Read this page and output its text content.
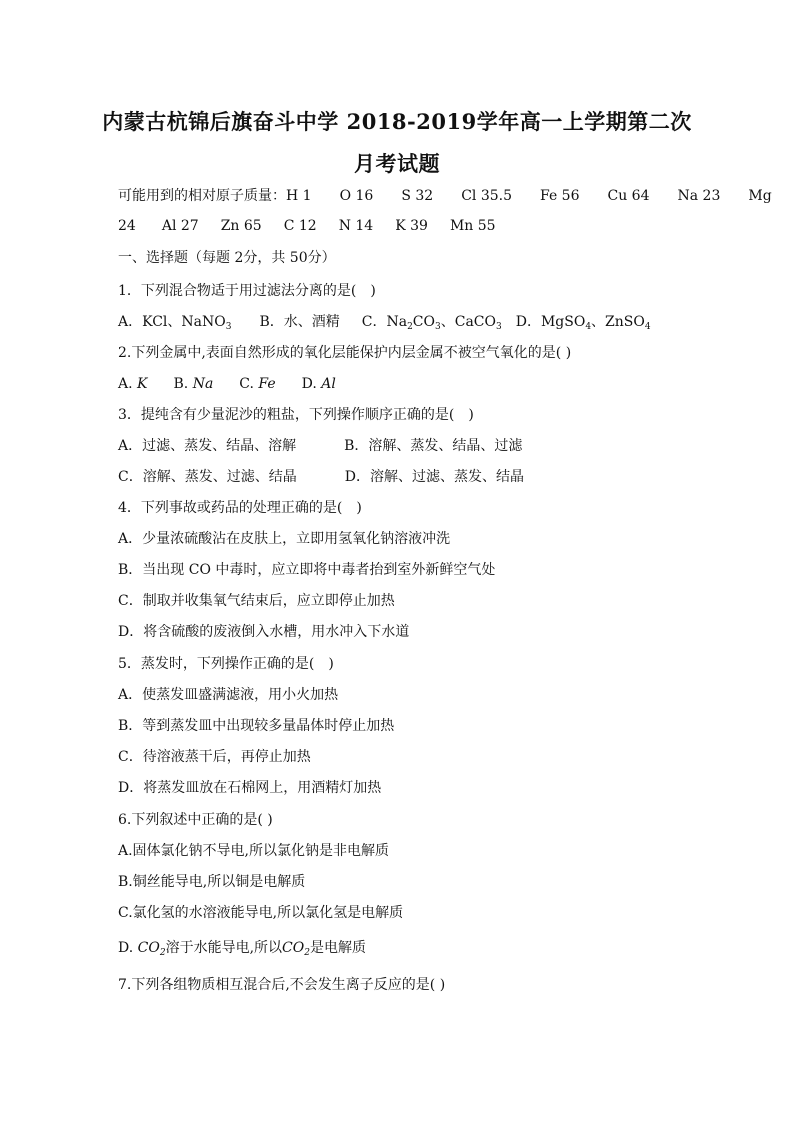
内蒙古杭锦后旗奋斗中学 2018-2019学年高一上学期第二次
月考试题
可能用到的相对原子质量：H 1 O 16 S 32 Cl 35.5 Fe 56 Cu 64 Na 23 Mg
24 Al 27 Zn 65 C 12 N 14 K 39 Mn 55
一、选择题（每题 2分，共 50分）
1．下列混合物适于用过滤法分离的是(　)
A．KCl、NaNO$_3$ B．水、酒精 C．$Na_2CO_3$、CaCO$_3$ D．MgSO$_4$、ZnSO$_4$
2.下列金属中,表面自然形成的氧化层能保护内层金属不被空气氧化的是( )
A. K B. Na C. Fe D. Al
3．提纯含有少量泥沙的粗盐，下列操作顺序正确的是(　)
A．过滤、蒸发、结晶、溶解	B．溶解、蒸发、结晶、过滤
C．溶解、蒸发、过滤、结晶	D．溶解、过滤、蒸发、结晶
4．下列事故或药品的处理正确的是(　)
A．少量浓硫酸沾在皮肤上，立即用氢氧化钠溶液冲洗
B．当出现 CO 中毒时，应立即将中毒者抬到室外新鲜空气处
C．制取并收集氧气结束后，应立即停止加热
D．将含硫酸的废液倒入水槽，用水冲入下水道
5．蒸发时，下列操作正确的是(　)
A．使蒸发皿盛满滤液，用小火加热
B．等到蒸发皿中出现较多量晶体时停止加热
C．待溶液蒸干后，再停止加热
D．将蒸发皿放在石棉网上，用酒精灯加热
6.下列叙述中正确的是( )
A.固体氯化钠不导电,所以氯化钠是非电解质
B.铜丝能导电,所以铜是电解质
C.氯化氢的水溶液能导电,所以氯化氢是电解质
D. $CO_2$溶于水能导电,所以$CO_2$是电解质
7.下列各组物质相互混合后,不会发生离子反应的是( )
